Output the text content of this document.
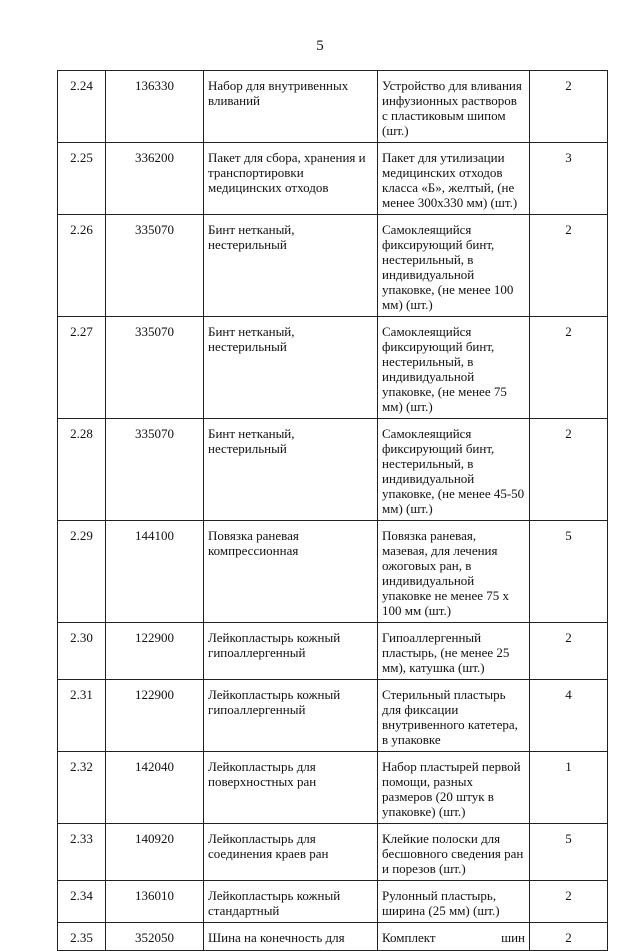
5
2.24	136330	Набор для внутривенных вливаний	Устройство для вливания инфузионных растворов с пластиковым шипом (шт.)	2
2.25	336200	Пакет для сбора, хранения и транспортировки медицинских отходов	Пакет для утилизации медицинских отходов класса «Б», желтый, (не менее 300х330 мм) (шт.)	3
2.26	335070	Бинт нетканый, нестерильный	Самоклеящийся фиксирующий бинт, нестерильный, в индивидуальной упаковке, (не менее 100 мм) (шт.)	2
2.27	335070	Бинт нетканый, нестерильный	Самоклеящийся фиксирующий бинт, нестерильный, в индивидуальной упаковке, (не менее 75 мм) (шт.)	2
2.28	335070	Бинт нетканый, нестерильный	Самоклеящийся фиксирующий бинт, нестерильный, в индивидуальной упаковке, (не менее 45-50 мм) (шт.)	2
2.29	144100	Повязка раневая компрессионная	Повязка раневая, мазевая, для лечения ожоговых ран, в индивидуальной упаковке не менее 75 х 100 мм (шт.)	5
2.30	122900	Лейкопластырь кожный гипоаллергенный	Гипоаллергенный пластырь, (не менее 25 мм), катушка (шт.)	2
2.31	122900	Лейкопластырь кожный гипоаллергенный	Стерильный пластырь для фиксации внутривенного катетера, в упаковке	4
2.32	142040	Лейкопластырь для поверхностных ран	Набор пластырей первой помощи, разных размеров (20 штук в упаковке) (шт.)	1
2.33	140920	Лейкопластырь для соединения краев ран	Клейкие полоски для бесшовного сведения ран и порезов (шт.)	5
2.34	136010	Лейкопластырь кожный стандартный	Рулонный пластырь, ширина (25 мм) (шт.)	2
2.35	352050	Шина на конечность для	Комплект шин	2
